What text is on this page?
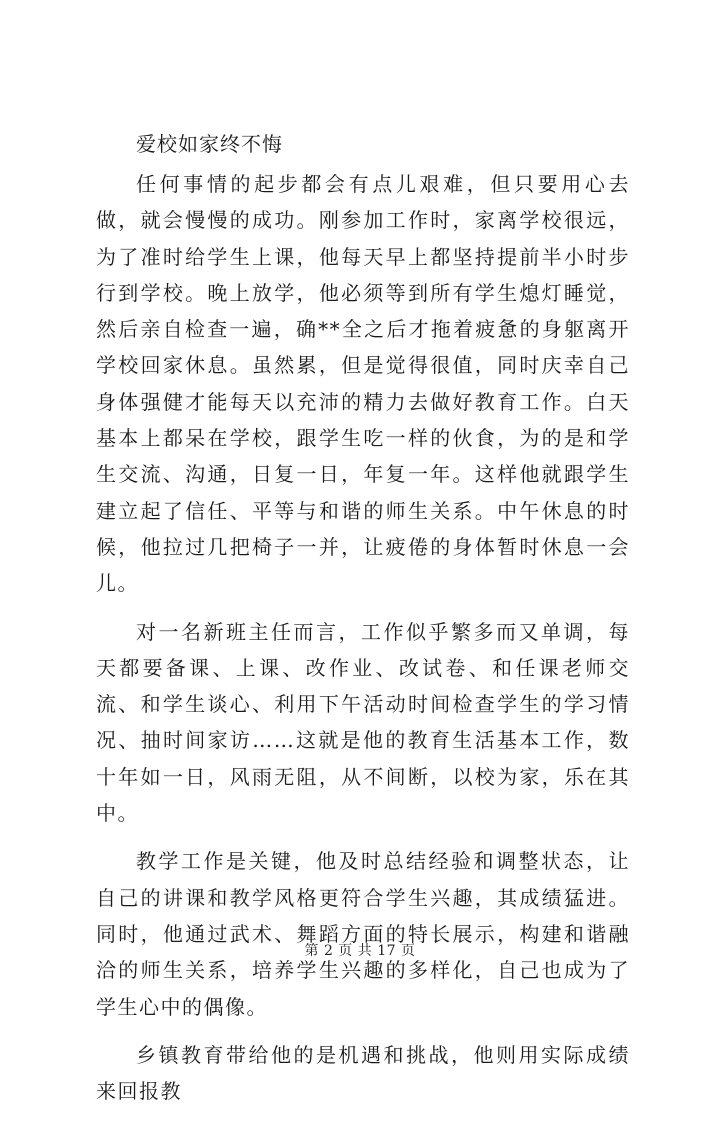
爱校如家终不悔

任何事情的起步都会有点儿艰难，但只要用心去做，就会慢慢的成功。刚参加工作时，家离学校很远，为了准时给学生上课，他每天早上都坚持提前半小时步行到学校。晚上放学，他必须等到所有学生熄灯睡觉，然后亲自检查一遍，确**全之后才拖着疲惫的身躯离开学校回家休息。虽然累，但是觉得很值，同时庆幸自己身体强健才能每天以充沛的精力去做好教育工作。白天基本上都呆在学校，跟学生吃一样的伙食，为的是和学生交流、沟通，日复一日，年复一年。这样他就跟学生建立起了信任、平等与和谐的师生关系。中午休息的时候，他拉过几把椅子一并，让疲倦的身体暂时休息一会儿。

对一名新班主任而言，工作似乎繁多而又单调，每天都要备课、上课、改作业、改试卷、和任课老师交流、和学生谈心、利用下午活动时间检查学生的学习情况、抽时间家访……这就是他的教育生活基本工作，数十年如一日，风雨无阻，从不间断，以校为家，乐在其中。

教学工作是关键，他及时总结经验和调整状态，让自己的讲课和教学风格更符合学生兴趣，其成绩猛进。同时，他通过武术、舞蹈方面的特长展示，构建和谐融洽的师生关系，培养学生兴趣的多样化，自己也成为了学生心中的偶像。

乡镇教育带给他的是机遇和挑战，他则用实际成绩来回报教

第 2 页 共 17 页
